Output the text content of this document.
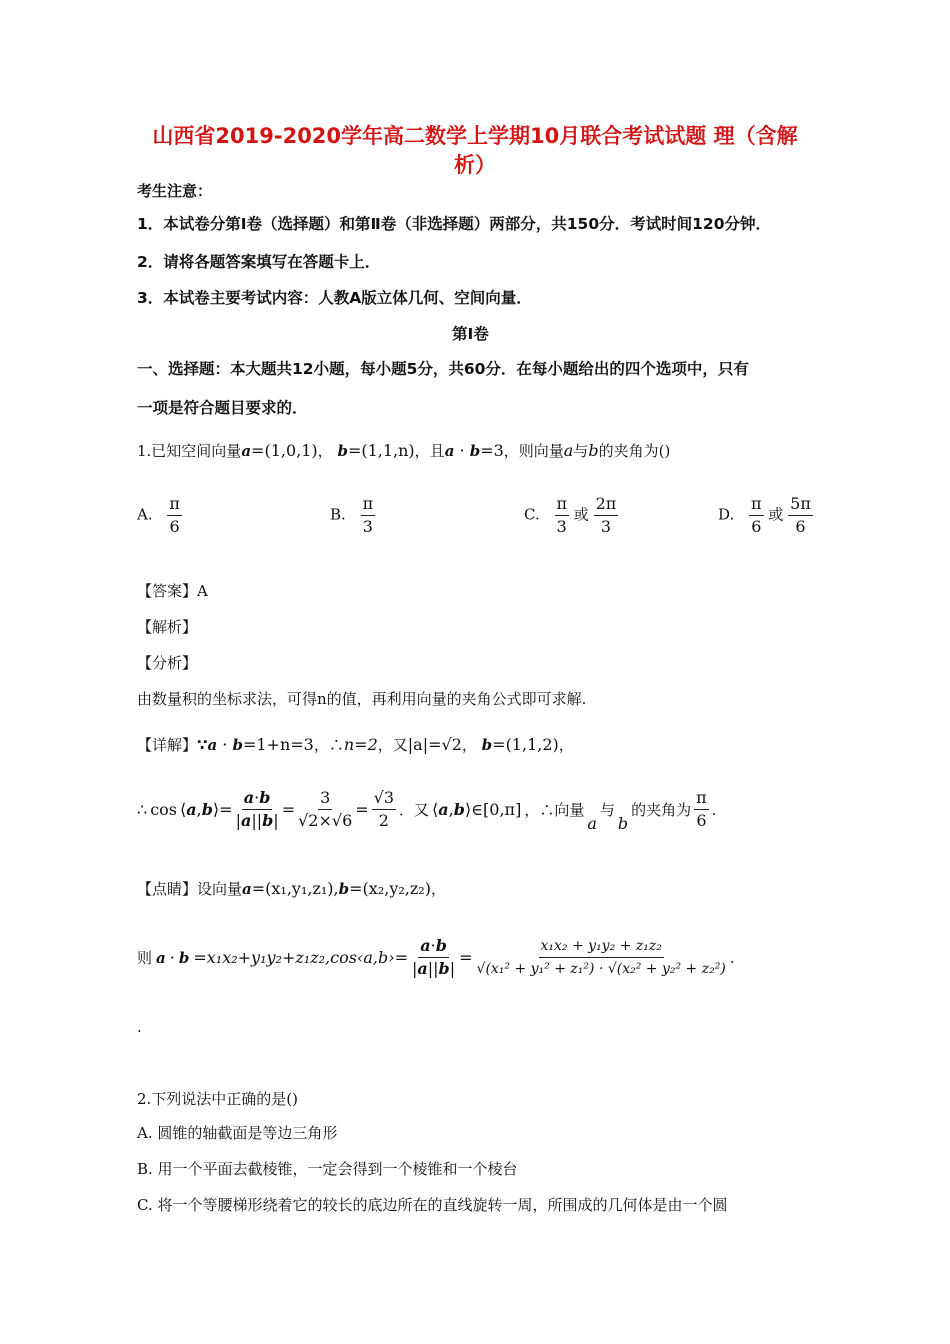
山西省2019-2020学年高二数学上学期10月联合考试试题 理（含解
析）
考生注意：
1．本试卷分第Ⅰ卷（选择题）和第Ⅱ卷（非选择题）两部分，共150分．考试时间120分钟．
2．请将各题答案填写在答题卡上．
3．本试卷主要考试内容：人教A版立体几何、空间向量．
第Ⅰ卷
一、选择题：本大题共12小题，每小题5分，共60分．在每小题给出的四个选项中，只有
一项是符合题目要求的．
1.已知空间向量a=(1,0,1)， b=(1,1,n)，且a · b=3，则向量a与b的夹角为()
A. $\frac{\pi}{6}$	B. $\frac{\pi}{3}$	C. $\frac{\pi}{3}$ 或 $\frac{2\pi}{3}$	D. $\frac{\pi}{6}$ 或 $\frac{5\pi}{6}$
【答案】A
【解析】
【分析】
由数量积的坐标求法，可得n的值，再利用向量的夹角公式即可求解.
【详解】∵a · b=1+n=3，∴n=2，又|a|=√2， b=(1,1,2)，
∴ cos ⟨a,b⟩= $\frac{a\cdot b}{|a||b|} = \frac{3}{√2\times√6} = \frac{√3}{2}$ ．又 ⟨a,b⟩∈[0,π] ，∴向量
a
与
b
的夹角为 $\frac{\pi}{6}$ .
【点睛】设向量a=(x₁,y₁,z₁),b=(x₂,y₂,z₂)，
则 a · b =x₁x₂+y₁y₂+z₁z₂,cos‹a,b›= $\frac{a\cdot b}{|a||b|} = \frac{\text{x₁x₂ + y₁y₂ + z₁z₂}}{\text{√(x₁² + y₁² + z₁²) · √(x₂² + y₂² + z₂²)}}$ .
.
2.下列说法中正确的是()
A. 圆锥的轴截面是等边三角形
B. 用一个平面去截棱锥，一定会得到一个棱锥和一个棱台
C. 将一个等腰梯形绕着它的较长的底边所在的直线旋转一周，所围成的几何体是由一个圆
